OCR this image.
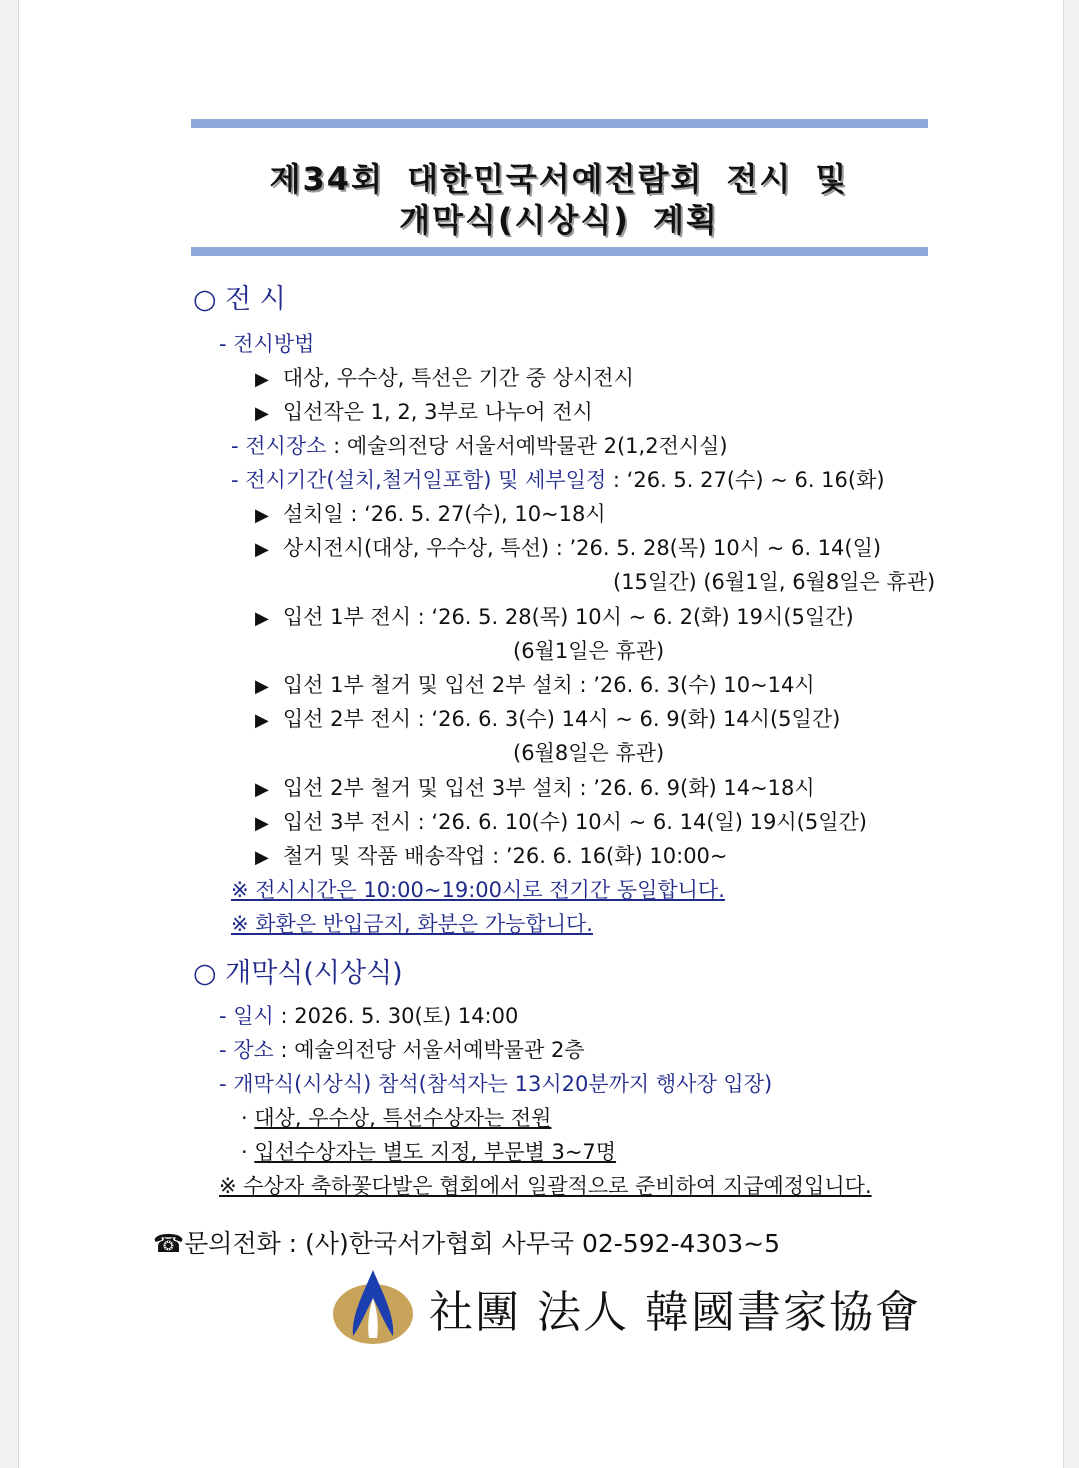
제34회 대한민국서예전람회 전시 및
개막식(시상식) 계획
○ 전 시
- 전시방법
▶ 대상, 우수상, 특선은 기간 중 상시전시
▶ 입선작은 1, 2, 3부로 나누어 전시
- 전시장소 : 예술의전당 서울서예박물관 2(1,2전시실)
- 전시기간(설치,철거일포함) 및 세부일정 : ‘26. 5. 27(수) ~ 6. 16(화)
▶ 설치일 : ‘26. 5. 27(수), 10~18시
▶ 상시전시(대상, 우수상, 특선) : ’26. 5. 28(목) 10시 ~ 6. 14(일)
(15일간) (6월1일, 6월8일은 휴관)
▶ 입선 1부 전시 : ‘26. 5. 28(목) 10시 ~ 6. 2(화) 19시(5일간)
(6월1일은 휴관)
▶ 입선 1부 철거 및 입선 2부 설치 : ’26. 6. 3(수) 10~14시
▶ 입선 2부 전시 : ‘26. 6. 3(수) 14시 ~ 6. 9(화) 14시(5일간)
(6월8일은 휴관)
▶ 입선 2부 철거 및 입선 3부 설치 : ’26. 6. 9(화) 14~18시
▶ 입선 3부 전시 : ‘26. 6. 10(수) 10시 ~ 6. 14(일) 19시(5일간)
▶ 철거 및 작품 배송작업 : ’26. 6. 16(화) 10:00~
※ 전시시간은 10:00~19:00시로 전기간 동일합니다.
※ 화환은 반입금지, 화분은 가능합니다.
○ 개막식(시상식)
- 일시 : 2026. 5. 30(토) 14:00
- 장소 : 예술의전당 서울서예박물관 2층
- 개막식(시상식) 참석(참석자는 13시20분까지 행사장 입장)
· 대상, 우수상, 특선수상자는 전원
· 입선수상자는 별도 지정, 부문별 3~7명
※ 수상자 축하꽃다발은 협회에서 일괄적으로 준비하여 지급예정입니다.
☎문의전화 : (사)한국서가협회 사무국 02-592-4303~5
社團 法人 韓國書家協會
